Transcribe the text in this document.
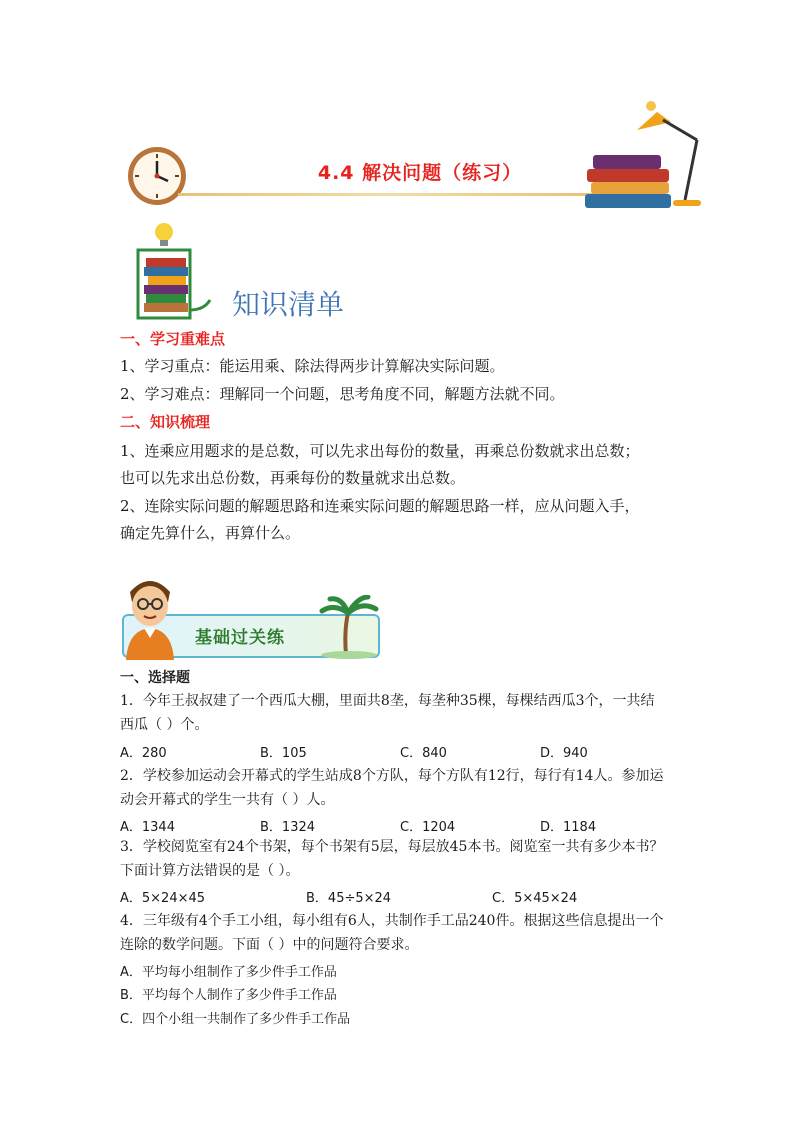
4.4 解决问题（练习）
知识清单
一、学习重难点
1、学习重点：能运用乘、除法得两步计算解决实际问题。
2、学习难点：理解同一个问题，思考角度不同，解题方法就不同。
二、知识梳理
1、连乘应用题求的是总数，可以先求出每份的数量，再乘总份数就求出总数；
也可以先求出总份数，再乘每份的数量就求出总数。
2、连除实际问题的解题思路和连乘实际问题的解题思路一样，应从问题入手，
确定先算什么，再算什么。
基础过关练
一、选择题
1．今年王叔叔建了一个西瓜大棚，里面共8垄，每垄种35棵，每棵结西瓜3个，一共结
西瓜（ ）个。
A．280	B．105	C．840	D．940
2．学校参加运动会开幕式的学生站成8个方队，每个方队有12行，每行有14人。参加运
动会开幕式的学生一共有（ ）人。
A．1344	B．1324	C．1204	D．1184
3．学校阅览室有24个书架，每个书架有5层，每层放45本书。阅览室一共有多少本书？
下面计算方法错误的是（ ）。
A．5×24×45	B．45÷5×24	C．5×45×24
4．三年级有4个手工小组，每小组有6人，共制作手工品240件。根据这些信息提出一个
连除的数学问题。下面（ ）中的问题符合要求。
A．平均每小组制作了多少件手工作品
B．平均每个人制作了多少件手工作品
C．四个小组一共制作了多少件手工作品
